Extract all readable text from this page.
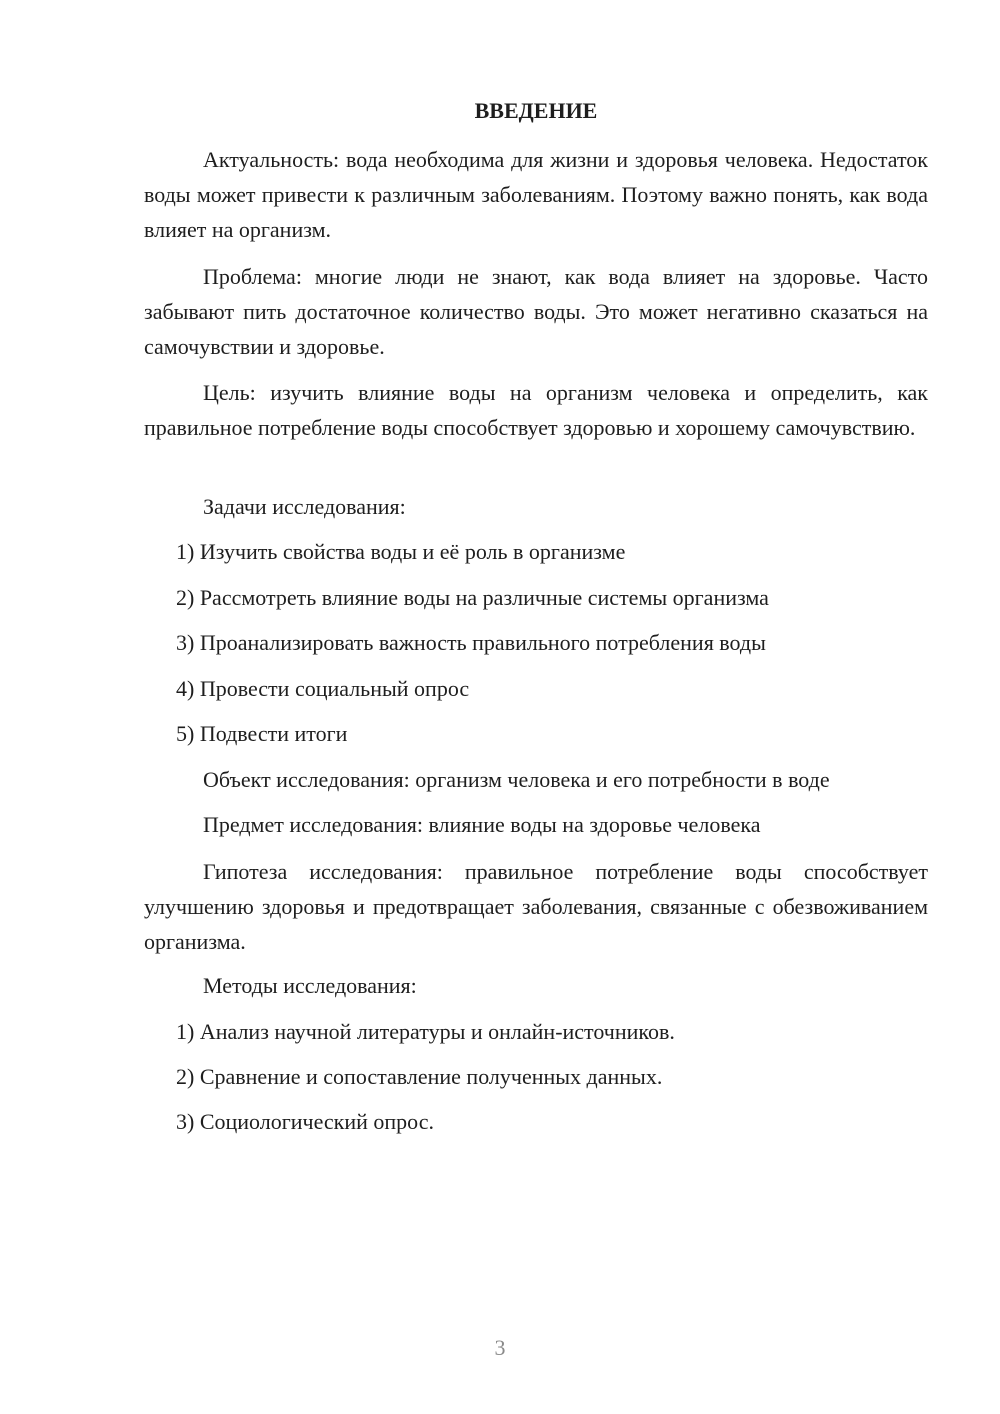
ВВЕДЕНИЕ

Актуальность: вода необходима для жизни и здоровья человека. Недостаток воды может привести к различным заболеваниям. Поэтому важно понять, как вода влияет на организм.

Проблема: многие люди не знают, как вода влияет на здоровье. Часто забывают пить достаточное количество воды. Это может негативно сказаться на самочувствии и здоровье.

Цель: изучить влияние воды на организм человека и определить, как правильное потребление воды способствует здоровью и хорошему самочувствию.

Задачи исследования:

1) Изучить свойства воды и её роль в организме

2) Рассмотреть влияние воды на различные системы организма

3) Проанализировать важность правильного потребления воды

4) Провести социальный опрос

5) Подвести итоги

Объект исследования: организм человека и его потребности в воде

Предмет исследования: влияние воды на здоровье человека

Гипотеза исследования: правильное потребление воды способствует улучшению здоровья и предотвращает заболевания, связанные с обезвоживанием организма.

Методы исследования:

1) Анализ научной литературы и онлайн-источников.

2) Сравнение и сопоставление полученных данных.

3) Социологический опрос.

3
